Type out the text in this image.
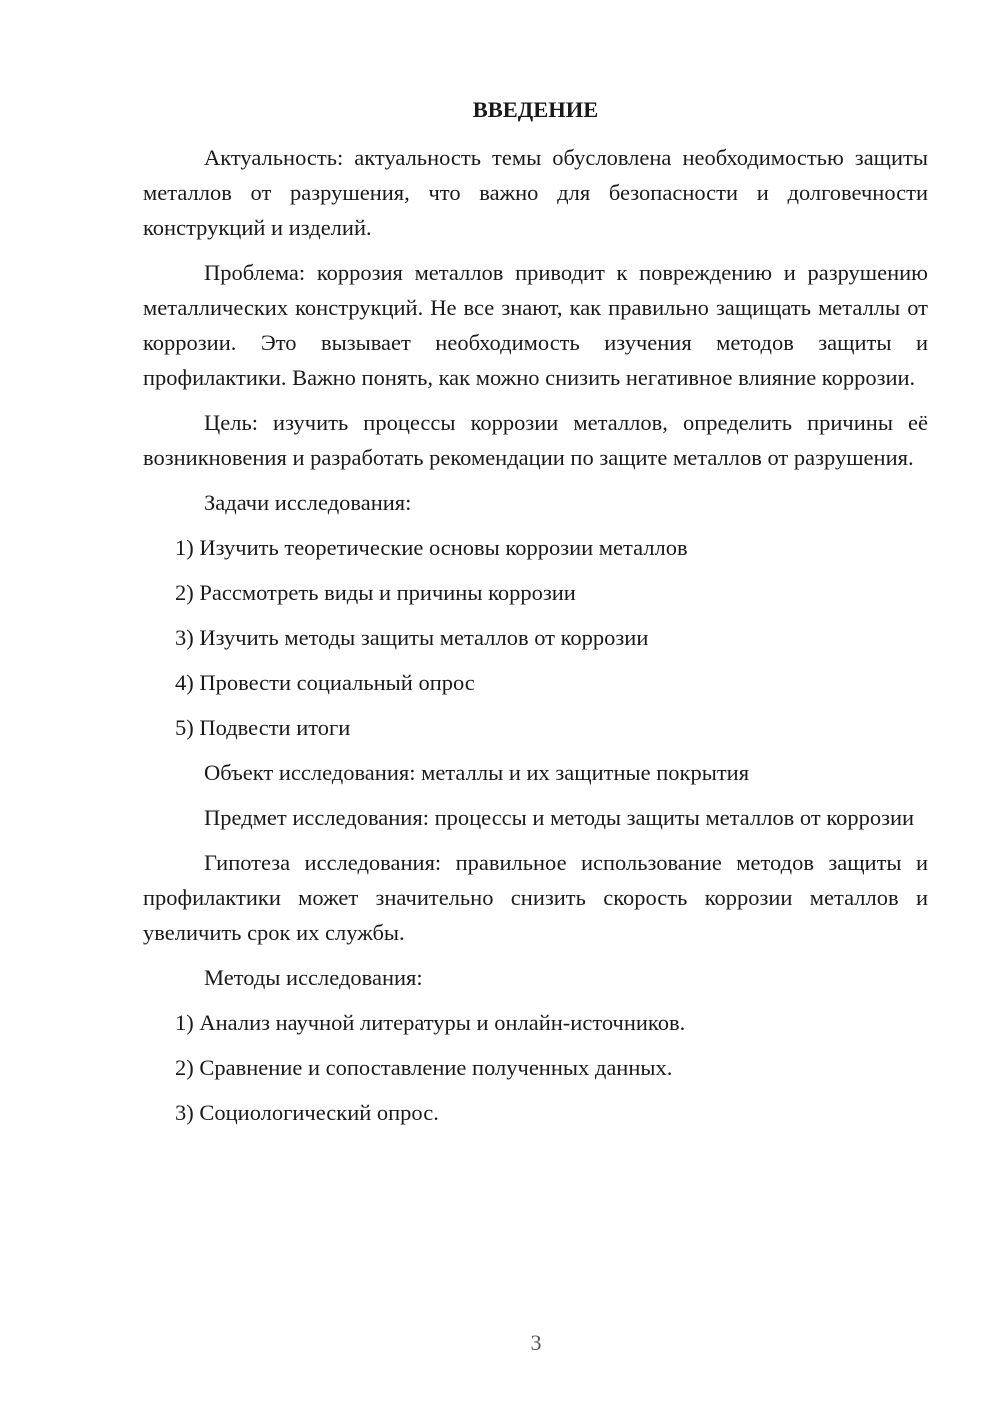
ВВЕДЕНИЕ

Актуальность: актуальность темы обусловлена необходимостью защиты металлов от разрушения, что важно для безопасности и долговечности конструкций и изделий.

Проблема: коррозия металлов приводит к повреждению и разрушению металлических конструкций. Не все знают, как правильно защищать металлы от коррозии. Это вызывает необходимость изучения методов защиты и профилактики. Важно понять, как можно снизить негативное влияние коррозии.

Цель: изучить процессы коррозии металлов, определить причины её возникновения и разработать рекомендации по защите металлов от разрушения.

Задачи исследования:

1) Изучить теоретические основы коррозии металлов
2) Рассмотреть виды и причины коррозии
3) Изучить методы защиты металлов от коррозии
4) Провести социальный опрос
5) Подвести итоги

Объект исследования: металлы и их защитные покрытия

Предмет исследования: процессы и методы защиты металлов от коррозии

Гипотеза исследования: правильное использование методов защиты и профилактики может значительно снизить скорость коррозии металлов и увеличить срок их службы.

Методы исследования:

1) Анализ научной литературы и онлайн-источников.
2) Сравнение и сопоставление полученных данных.
3) Социологический опрос.
3
